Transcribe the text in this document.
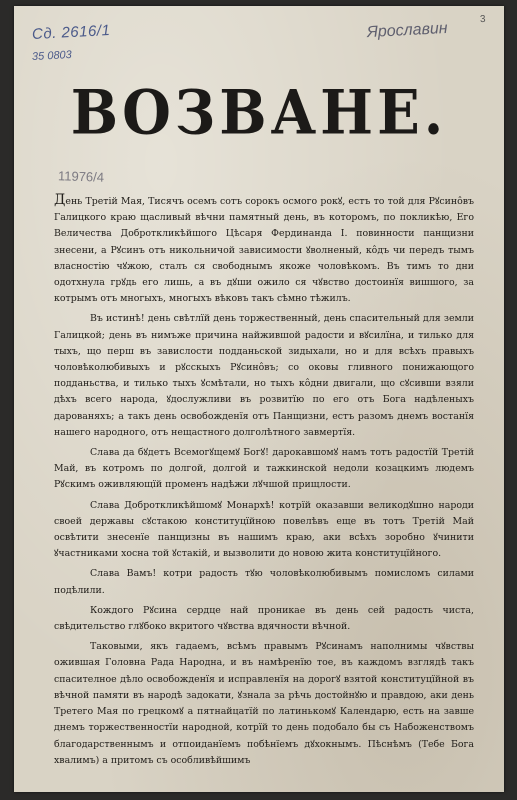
Сд. 2616/1
35 0803
Ярославин
3
11976/4
ВОЗВАНЕ.

День Третій Мая, Тисячъ осемъ сотъ сорокъ осмого рокꙋ, естъ то той для Рꙋсинôвъ Галицкого краю щасливый вѣчни памятный день, въ которомъ, по покликѣю, Его Величества Доброткликѣйшого Цѣсаря Фердинанда I. повинности панщизни знесени, а Рꙋсинъ отъ никольничой зависимости ꙋволненый, кôдъ чи передъ тымъ власностію чꙋжою, сталъ ся свободнымъ якоже чоловѣкомъ. Въ тимъ то дни одотхнула грꙋдь его лишь, а въ дꙋши ожило ся чꙋвство достоинїя вишшого, за котрымъ отъ многыхъ, многыхъ вѣковъ такъ сѣмно тѣжилъ.

Въ истинѣ! день свѣтлїй день торжественный, день спасительный для земли Галицкой; день въ нимъже причина найжившой радости и вꙋсилїна, и тилько для тыхъ, що перш въ завислости подданьской зидыхали, но и для всѣхъ правыхъ чоловѣколюбивыхъ и рꙋсскыхъ Рꙋсинôвъ; со оковы гливного понижающого подданьства, и тилько тыхъ ꙋсмѣтали, но тыхъ кôдни двигали, що сꙋсивши взяли дѣхъ всего народа, ꙋдослужливи въ розвитїю по его отъ Бога надѣленыхъ дарованяхъ; а такъ день освобожденїя отъ Панщизни, естъ разомъ днемъ востанїя нашего народного, отъ нещастного долголѣтного завмертїя.

Слава да бꙋдетъ Всемогꙋщемꙋ Богꙋ! дарокавшомꙋ намъ тотъ радостїй Третій Май, въ котромъ по долгой, долгой и тажкинской недоли козацкимъ людемъ Рꙋскимъ оживляющїй променъ надѣжи лꙋчшой прищлости.

Слава Доброткликѣйшомꙋ Монархѣ! котрїй оказавши великодꙋшно народи своей державы сꙋстакою конституцїйною повелѣвъ еще въ тотъ Третій Май освѣтити знесенїе панщизны въ нашимъ краю, аки всѣхъ зоробно ꙋчинити ꙋчастниками хосна той ꙋстакій, и вызволити до новою жита конституцїйного.

Слава Вамъ! котри радость тꙋю чоловѣколюбивымъ помисломъ силами подѣлили.

Кождого Рꙋсина сердце най проникае въ день сей радость чиста, свѣдительство глꙋбоко вкритого чꙋвства вдячности вѣчной.

Таковыми, якъ гадаемъ, всѣмъ правымъ Рꙋсинамъ наполнимы чꙋвствы ожившая Головна Рада Народна, и въ намѣренїю тое, въ каждомъ взглядѣ такъ спасителное дѣло освобожденїя и исправленїя на дорогꙋ взятой конституцїйной въ вѣчной памяти въ народѣ задокати, ꙋзнала за рѣчь достойнꙋю и правдою, аки день Третего Мая по грецкомꙋ а пятнайцатїй по латинькомꙋ Календарю, есть на завше днемъ торжественностїи народной, котрїй то день подобало бы съ Набоженствомъ благодарственнымъ и отпоиданїемъ побѣнїемъ дꙋхокнымъ. Пѣснѣмъ (Тебе Бога хвалимъ) а притомъ съ особливѣйшимъ
